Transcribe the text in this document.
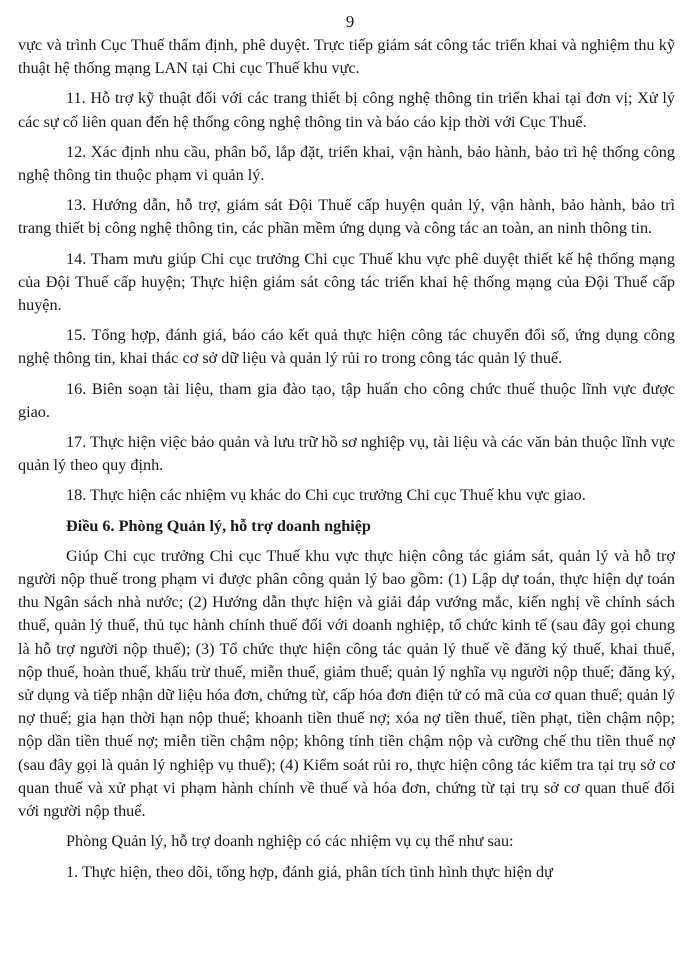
9

vực và trình Cục Thuế thẩm định, phê duyệt. Trực tiếp giám sát công tác triển khai và nghiệm thu kỹ thuật hệ thống mạng LAN tại Chi cục Thuế khu vực.

11. Hỗ trợ kỹ thuật đối với các trang thiết bị công nghệ thông tin triển khai tại đơn vị; Xử lý các sự cố liên quan đến hệ thống công nghệ thông tin và báo cáo kịp thời với Cục Thuế.

12. Xác định nhu cầu, phân bổ, lắp đặt, triển khai, vận hành, bảo hành, bảo trì hệ thống công nghệ thông tin thuộc phạm vi quản lý.

13. Hướng dẫn, hỗ trợ, giám sát Đội Thuế cấp huyện quản lý, vận hành, bảo hành, bảo trì trang thiết bị công nghệ thông tin, các phần mềm ứng dụng và công tác an toàn, an ninh thông tin.

14. Tham mưu giúp Chi cục trưởng Chi cục Thuế khu vực phê duyệt thiết kế hệ thống mạng của Đội Thuế cấp huyện; Thực hiện giám sát công tác triển khai hệ thống mạng của Đội Thuế cấp huyện.

15. Tổng hợp, đánh giá, báo cáo kết quả thực hiện công tác chuyển đổi số, ứng dụng công nghệ thông tin, khai thác cơ sở dữ liệu và quản lý rủi ro trong công tác quản lý thuế.

16. Biên soạn tài liệu, tham gia đào tạo, tập huấn cho công chức thuế thuộc lĩnh vực được giao.

17. Thực hiện việc bảo quản và lưu trữ hồ sơ nghiệp vụ, tài liệu và các văn bản thuộc lĩnh vực quản lý theo quy định.

18. Thực hiện các nhiệm vụ khác do Chi cục trưởng Chi cục Thuế khu vực giao.

Điều 6. Phòng Quản lý, hỗ trợ doanh nghiệp

Giúp Chi cục trưởng Chi cục Thuế khu vực thực hiện công tác giám sát, quản lý và hỗ trợ người nộp thuế trong phạm vi được phân công quản lý bao gồm: (1) Lập dự toán, thực hiện dự toán thu Ngân sách nhà nước; (2) Hướng dẫn thực hiện và giải đáp vướng mắc, kiến nghị về chính sách thuế, quản lý thuế, thủ tục hành chính thuế đối với doanh nghiệp, tổ chức kinh tế (sau đây gọi chung là hỗ trợ người nộp thuế); (3) Tổ chức thực hiện công tác quản lý thuế về đăng ký thuế, khai thuế, nộp thuế, hoàn thuế, khấu trừ thuế, miễn thuế, giảm thuế; quản lý nghĩa vụ người nộp thuế; đăng ký, sử dụng và tiếp nhận dữ liệu hóa đơn, chứng từ, cấp hóa đơn điện tử có mã của cơ quan thuế; quản lý nợ thuế; gia hạn thời hạn nộp thuế; khoanh tiền thuế nợ; xóa nợ tiền thuế, tiền phạt, tiền chậm nộp; nộp dần tiền thuế nợ; miễn tiền chậm nộp; không tính tiền chậm nộp và cưỡng chế thu tiền thuế nợ (sau đây gọi là quản lý nghiệp vụ thuế); (4) Kiểm soát rủi ro, thực hiện công tác kiểm tra tại trụ sở cơ quan thuế và xử phạt vi phạm hành chính về thuế và hóa đơn, chứng từ tại trụ sở cơ quan thuế đối với người nộp thuế.

Phòng Quản lý, hỗ trợ doanh nghiệp có các nhiệm vụ cụ thể như sau:

1. Thực hiện, theo dõi, tổng hợp, đánh giá, phân tích tình hình thực hiện dự
